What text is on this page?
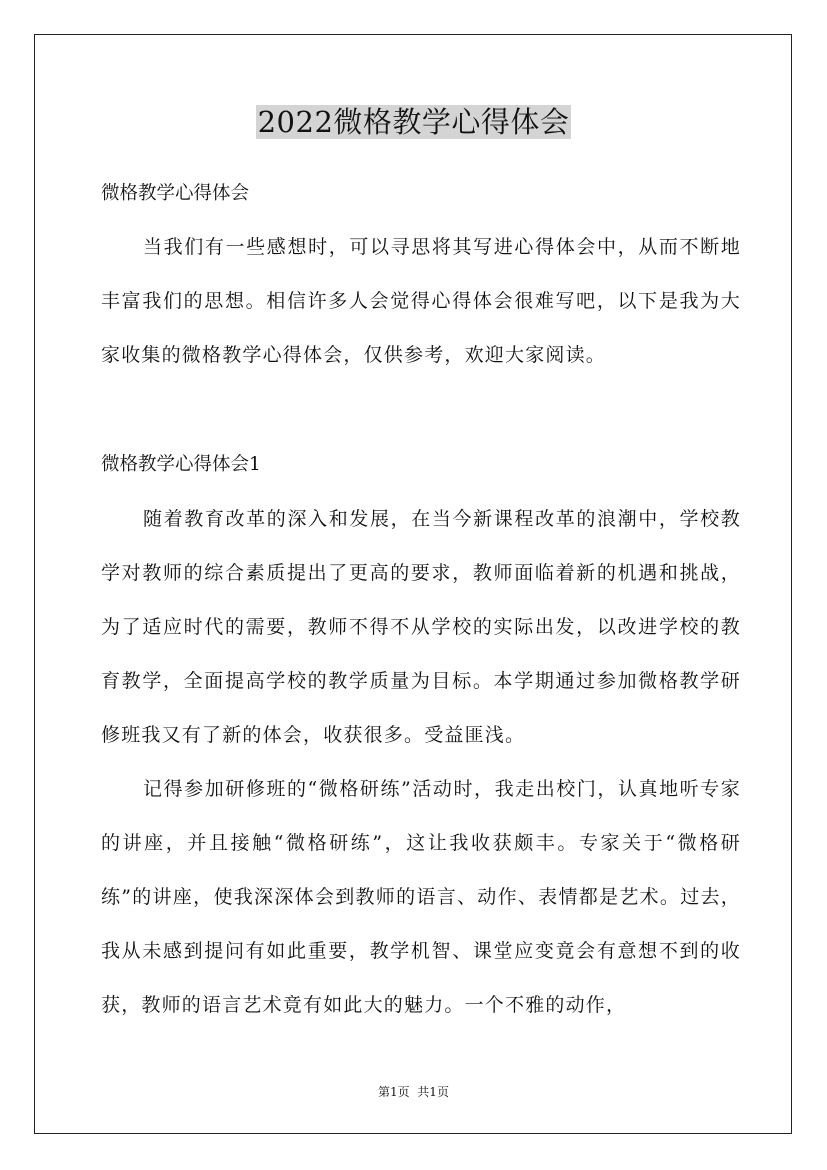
2022微格教学心得体会
微格教学心得体会

当我们有一些感想时，可以寻思将其写进心得体会中，从而不断地丰富我们的思想。相信许多人会觉得心得体会很难写吧，以下是我为大家收集的微格教学心得体会，仅供参考，欢迎大家阅读。

微格教学心得体会1

随着教育改革的深入和发展，在当今新课程改革的浪潮中，学校教学对教师的综合素质提出了更高的要求，教师面临着新的机遇和挑战，为了适应时代的需要，教师不得不从学校的实际出发，以改进学校的教育教学，全面提高学校的教学质量为目标。本学期通过参加微格教学研修班我又有了新的体会，收获很多。受益匪浅。

记得参加研修班的“微格研练”活动时，我走出校门，认真地听专家的讲座，并且接触“微格研练”，这让我收获颇丰。专家关于“微格研练”的讲座，使我深深体会到教师的语言、动作、表情都是艺术。过去，我从未感到提问有如此重要，教学机智、课堂应变竟会有意想不到的收获，教师的语言艺术竟有如此大的魅力。一个不雅的动作，

第1页  共1页
